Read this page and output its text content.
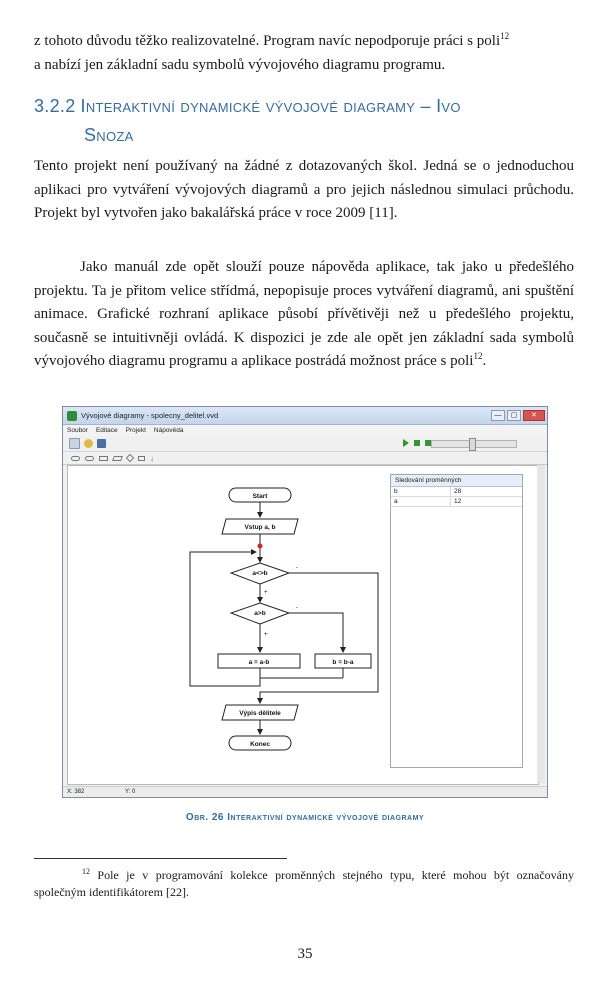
z tohoto důvodu těžko realizovatelné. Program navíc nepodporuje práci s poli$^{12}$
a nabízí jen základní sadu symbolů vývojového diagramu programu.

3.2.2 Interaktivní dynamické vývojové diagramy – Ivo
Snoza

Tento projekt není používaný na žádné z dotazovaných škol. Jedná se o jednoduchou aplikaci pro vytváření vývojových diagramů a pro jejich následnou simulaci průchodu. Projekt byl vytvořen jako bakalářská práce v roce 2009 [11].

Jako manuál zde opět slouží pouze nápověda aplikace, tak jako u předešlého projektu. Ta je přitom velice střídmá, nepopisuje proces vytváření diagramů, ani spuštění animace. Grafické rozhraní aplikace působí přívětivěji než u předešlého projektu, současně se intuitivněji ovládá. K dispozici je zde ale opět jen základní sada symbolů vývojového diagramu programu a aplikace postrádá možnost práce s poli$^{12}$.

Vývojové diagramy - spolecny_delitel.vvd	—	▢	✕
Soubor Editace Projekt Nápověda
↓
Start
Vstup a, b
a<>b
a>b
a = a-b	b = b-a
Výpis dělitele
Konec
+
-
+
-
Sledování proměnných
b	28
a	12
X: 382	Y: 0

Obr. 26 Interaktivní dynamické vývojové diagramy

$^{12}$ Pole je v programování kolekce proměnných stejného typu, které mohou být označovány společným identifikátorem [22].

35
